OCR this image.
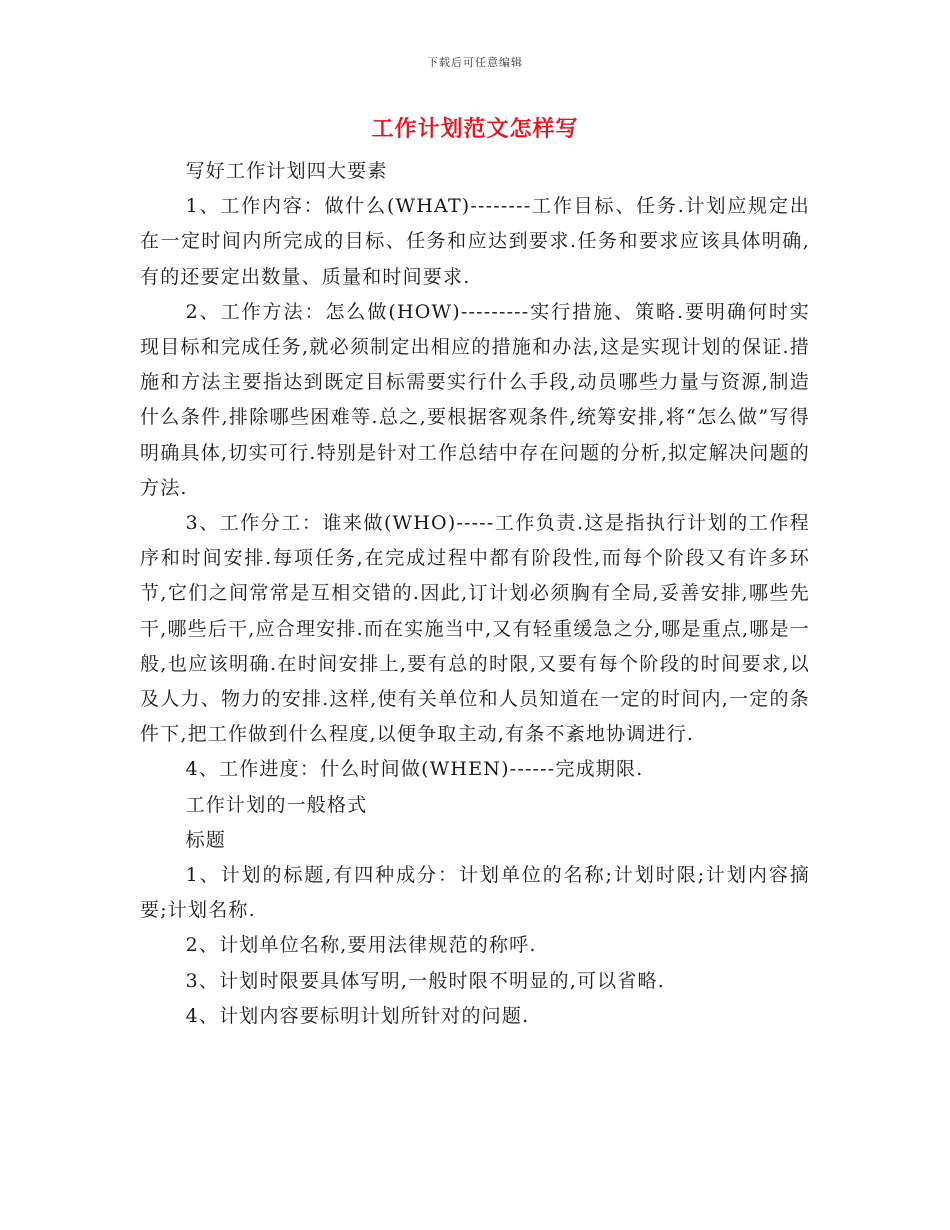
下载后可任意编辑
工作计划范文怎样写

写好工作计划四大要素

1、工作内容：做什么(WHAT)--------工作目标、任务.计划应规定出在一定时间内所完成的目标、任务和应达到要求.任务和要求应该具体明确,有的还要定出数量、质量和时间要求.

2、工作方法：怎么做(HOW)---------实行措施、策略.要明确何时实现目标和完成任务,就必须制定出相应的措施和办法,这是实现计划的保证.措施和方法主要指达到既定目标需要实行什么手段,动员哪些力量与资源,制造什么条件,排除哪些困难等.总之,要根据客观条件,统筹安排,将“怎么做”写得明确具体,切实可行.特别是针对工作总结中存在问题的分析,拟定解决问题的方法.

3、工作分工：谁来做(WHO)-----工作负责.这是指执行计划的工作程序和时间安排.每项任务,在完成过程中都有阶段性,而每个阶段又有许多环节,它们之间常常是互相交错的.因此,订计划必须胸有全局,妥善安排,哪些先干,哪些后干,应合理安排.而在实施当中,又有轻重缓急之分,哪是重点,哪是一般,也应该明确.在时间安排上,要有总的时限,又要有每个阶段的时间要求,以及人力、物力的安排.这样,使有关单位和人员知道在一定的时间内,一定的条件下,把工作做到什么程度,以便争取主动,有条不紊地协调进行.

4、工作进度：什么时间做(WHEN)------完成期限.

工作计划的一般格式

标题

1、计划的标题,有四种成分：计划单位的名称;计划时限;计划内容摘要;计划名称.

2、计划单位名称,要用法律规范的称呼.

3、计划时限要具体写明,一般时限不明显的,可以省略.

4、计划内容要标明计划所针对的问题.
